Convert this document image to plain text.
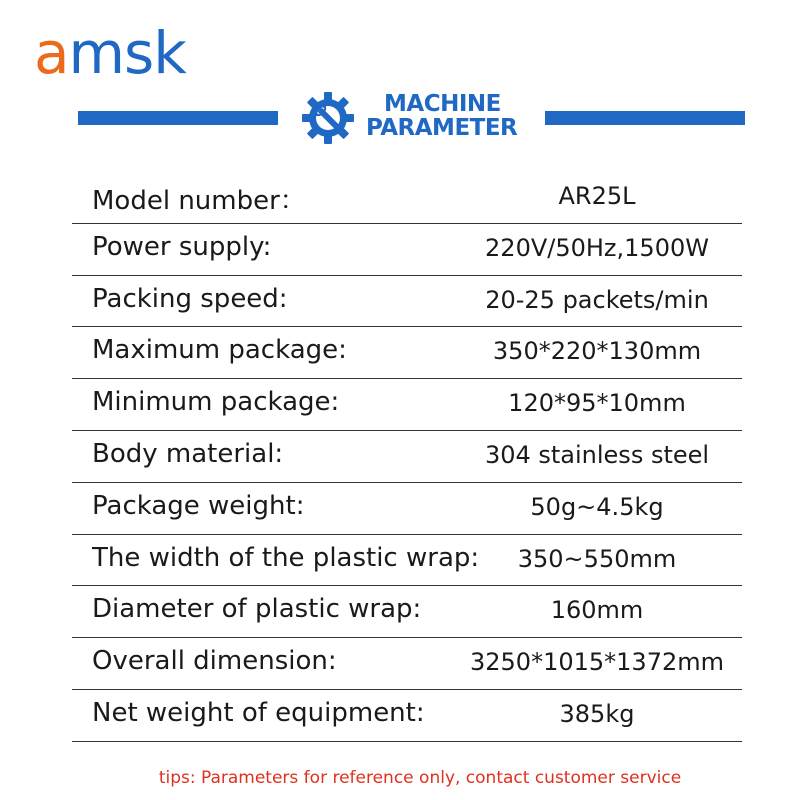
amsk
MACHINE
PARAMETER
Model number：	AR25L
Power supply:	220V/50Hz,1500W
Packing speed:	20-25 packets/min
Maximum package:	350*220*130mm
Minimum package:	120*95*10mm
Body material:	304 stainless steel
Package weight:	50g~4.5kg
The width of the plastic wrap:	350~550mm
Diameter of plastic wrap:	160mm
Overall dimension:	3250*1015*1372mm
Net weight of equipment:	385kg
tips: Parameters for reference only, contact customer service
